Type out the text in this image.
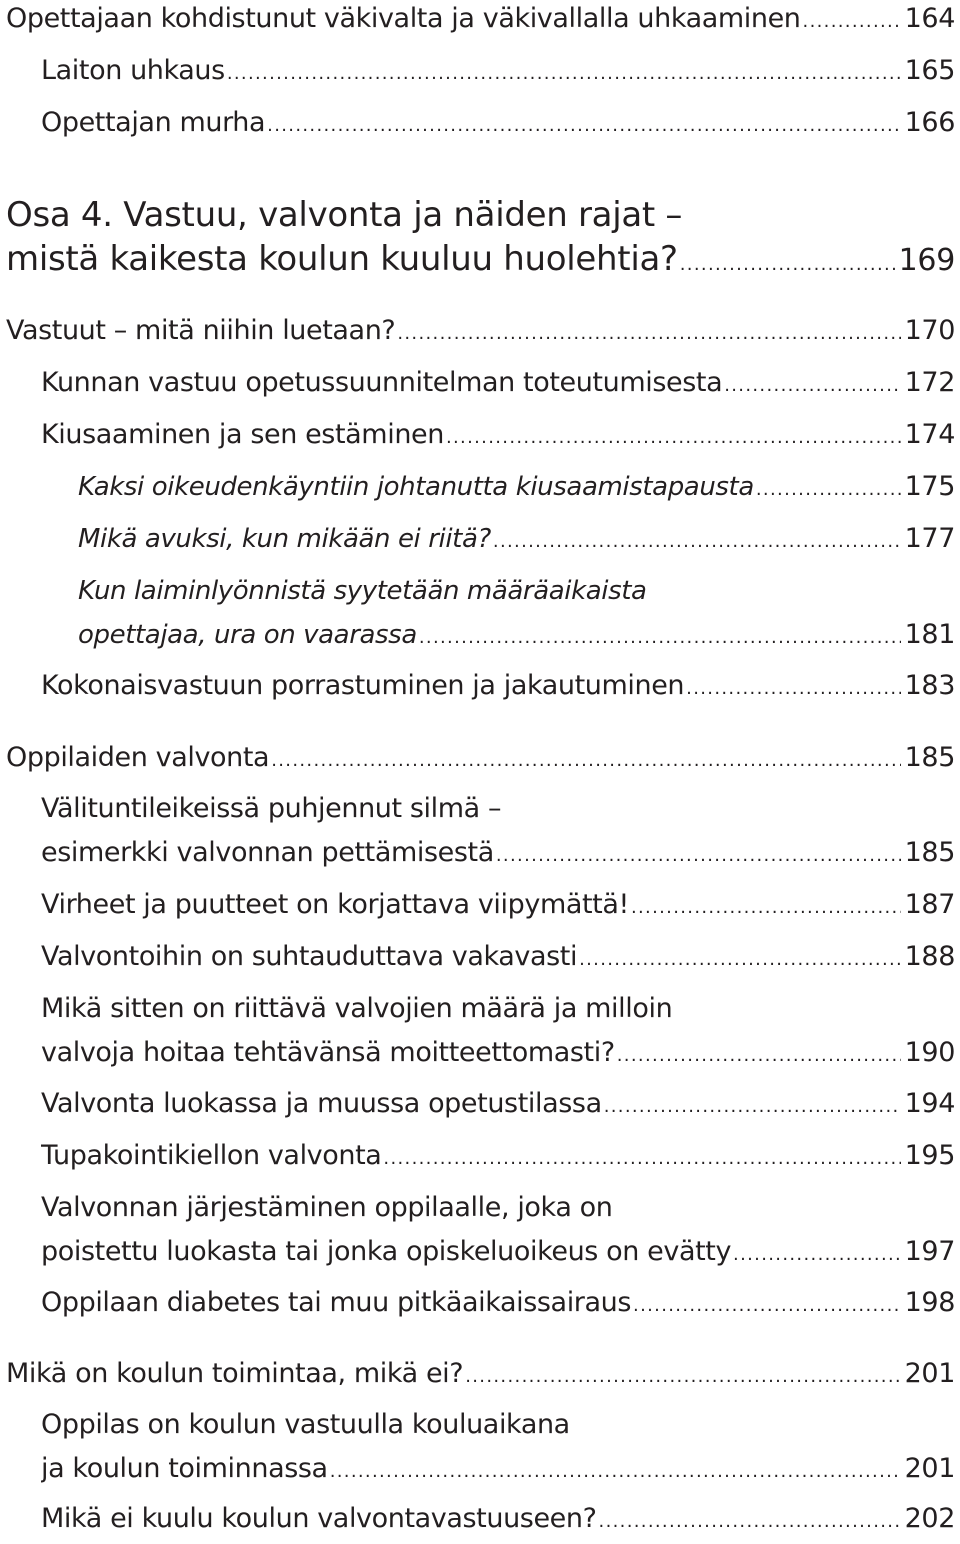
Opettajaan kohdistunut väkivalta ja väkivallalla uhkaaminen . . .	164
Laiton uhkaus . . .	165
Opettajan murha . . .	166
Osa 4. Vastuu, valvonta ja näiden rajat –
mistä kaikesta koulun kuuluu huolehtia? . . .	169
Vastuut – mitä niihin luetaan? . . .	170
Kunnan vastuu opetussuunnitelman toteutumisesta . . .	172
Kiusaaminen ja sen estäminen . . .	174
Kaksi oikeudenkäyntiin johtanutta kiusaamistapausta . . .	175
Mikä avuksi, kun mikään ei riitä? . . .	177
Kun laiminlyönnistä syytetään määräaikaista
opettajaa, ura on vaarassa . . .	181
Kokonaisvastuun porrastuminen ja jakautuminen . . .	183
Oppilaiden valvonta . . .	185
Välituntileikeissä puhjennut silmä –
esimerkki valvonnan pettämisestä . . .	185
Virheet ja puutteet on korjattava viipymättä! . . .	187
Valvontoihin on suhtauduttava vakavasti . . .	188
Mikä sitten on riittävä valvojien määrä ja milloin
valvoja hoitaa tehtävänsä moitteettomasti? . . .	190
Valvonta luokassa ja muussa opetustilassa . . .	194
Tupakointikiellon valvonta . . .	195
Valvonnan järjestäminen oppilaalle, joka on
poistettu luokasta tai jonka opiskeluoikeus on evätty . . .	197
Oppilaan diabetes tai muu pitkäaikaissairaus . . .	198
Mikä on koulun toimintaa, mikä ei? . . .	201
Oppilas on koulun vastuulla kouluaikana
ja koulun toiminnassa . . .	201
Mikä ei kuulu koulun valvontavastuuseen? . . .	202
